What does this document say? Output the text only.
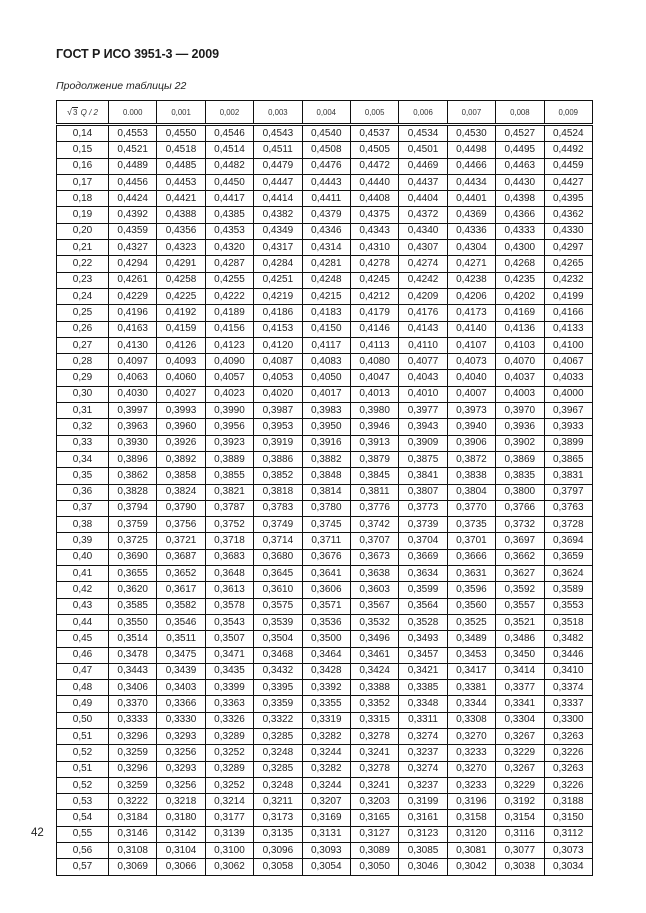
ГОСТ Р ИСО 3951-3 — 2009
Продолжение таблицы 22
√3 Q / 2	0.000	0,001	0,002	0,003	0,004	0,005	0,006	0,007	0,008	0,009
0,14	0,4553	0,4550	0,4546	0,4543	0,4540	0,4537	0,4534	0,4530	0,4527	0,4524
0,15	0,4521	0,4518	0,4514	0,4511	0,4508	0,4505	0,4501	0,4498	0,4495	0,4492
0,16	0,4489	0,4485	0,4482	0,4479	0,4476	0,4472	0,4469	0,4466	0,4463	0,4459
0,17	0,4456	0,4453	0,4450	0,4447	0,4443	0,4440	0,4437	0,4434	0,4430	0,4427
0,18	0,4424	0,4421	0,4417	0,4414	0,4411	0,4408	0,4404	0,4401	0,4398	0,4395
0,19	0,4392	0,4388	0,4385	0,4382	0,4379	0,4375	0,4372	0,4369	0,4366	0,4362
0,20	0,4359	0,4356	0,4353	0,4349	0,4346	0,4343	0,4340	0,4336	0,4333	0,4330
0,21	0,4327	0,4323	0,4320	0,4317	0,4314	0,4310	0,4307	0,4304	0,4300	0,4297
0,22	0,4294	0,4291	0,4287	0,4284	0,4281	0,4278	0,4274	0,4271	0,4268	0,4265
0,23	0,4261	0,4258	0,4255	0,4251	0,4248	0,4245	0,4242	0,4238	0,4235	0,4232
0,24	0,4229	0,4225	0,4222	0,4219	0,4215	0,4212	0,4209	0,4206	0,4202	0,4199
0,25	0,4196	0,4192	0,4189	0,4186	0,4183	0,4179	0,4176	0,4173	0,4169	0,4166
0,26	0,4163	0,4159	0,4156	0,4153	0,4150	0,4146	0,4143	0,4140	0,4136	0,4133
0,27	0,4130	0,4126	0,4123	0,4120	0,4117	0,4113	0,4110	0,4107	0,4103	0,4100
0,28	0,4097	0,4093	0,4090	0,4087	0,4083	0,4080	0,4077	0,4073	0,4070	0,4067
0,29	0,4063	0,4060	0,4057	0,4053	0,4050	0,4047	0,4043	0,4040	0,4037	0,4033
0,30	0,4030	0,4027	0,4023	0,4020	0,4017	0,4013	0,4010	0,4007	0,4003	0,4000
0,31	0,3997	0,3993	0,3990	0,3987	0,3983	0,3980	0,3977	0,3973	0,3970	0,3967
0,32	0,3963	0,3960	0,3956	0,3953	0,3950	0,3946	0,3943	0,3940	0,3936	0,3933
0,33	0,3930	0,3926	0,3923	0,3919	0,3916	0,3913	0,3909	0,3906	0,3902	0,3899
0,34	0,3896	0,3892	0,3889	0,3886	0,3882	0,3879	0,3875	0,3872	0,3869	0,3865
0,35	0,3862	0,3858	0,3855	0,3852	0,3848	0,3845	0,3841	0,3838	0,3835	0,3831
0,36	0,3828	0,3824	0,3821	0,3818	0,3814	0,3811	0,3807	0,3804	0,3800	0,3797
0,37	0,3794	0,3790	0,3787	0,3783	0,3780	0,3776	0,3773	0,3770	0,3766	0,3763
0,38	0,3759	0,3756	0,3752	0,3749	0,3745	0,3742	0,3739	0,3735	0,3732	0,3728
0,39	0,3725	0,3721	0,3718	0,3714	0,3711	0,3707	0,3704	0,3701	0,3697	0,3694
0,40	0,3690	0,3687	0,3683	0,3680	0,3676	0,3673	0,3669	0,3666	0,3662	0,3659
0,41	0,3655	0,3652	0,3648	0,3645	0,3641	0,3638	0,3634	0,3631	0,3627	0,3624
0,42	0,3620	0,3617	0,3613	0,3610	0,3606	0,3603	0,3599	0,3596	0,3592	0,3589
0,43	0,3585	0,3582	0,3578	0,3575	0,3571	0,3567	0,3564	0,3560	0,3557	0,3553
0,44	0,3550	0,3546	0,3543	0,3539	0,3536	0,3532	0,3528	0,3525	0,3521	0,3518
0,45	0,3514	0,3511	0,3507	0,3504	0,3500	0,3496	0,3493	0,3489	0,3486	0,3482
0,46	0,3478	0,3475	0,3471	0,3468	0,3464	0,3461	0,3457	0,3453	0,3450	0,3446
0,47	0,3443	0,3439	0,3435	0,3432	0,3428	0,3424	0,3421	0,3417	0,3414	0,3410
0,48	0,3406	0,3403	0,3399	0,3395	0,3392	0,3388	0,3385	0,3381	0,3377	0,3374
0,49	0,3370	0,3366	0,3363	0,3359	0,3355	0,3352	0,3348	0,3344	0,3341	0,3337
0,50	0,3333	0,3330	0,3326	0,3322	0,3319	0,3315	0,3311	0,3308	0,3304	0,3300
0,51	0,3296	0,3293	0,3289	0,3285	0,3282	0,3278	0,3274	0,3270	0,3267	0,3263
0,52	0,3259	0,3256	0,3252	0,3248	0,3244	0,3241	0,3237	0,3233	0,3229	0,3226
0,51	0,3296	0,3293	0,3289	0,3285	0,3282	0,3278	0,3274	0,3270	0,3267	0,3263
0,52	0,3259	0,3256	0,3252	0,3248	0,3244	0,3241	0,3237	0,3233	0,3229	0,3226
0,53	0,3222	0,3218	0,3214	0,3211	0,3207	0,3203	0,3199	0,3196	0,3192	0,3188
0,54	0,3184	0,3180	0,3177	0,3173	0,3169	0,3165	0,3161	0,3158	0,3154	0,3150
0,55	0,3146	0,3142	0,3139	0,3135	0,3131	0,3127	0,3123	0,3120	0,3116	0,3112
0,56	0,3108	0,3104	0,3100	0,3096	0,3093	0,3089	0,3085	0,3081	0,3077	0,3073
0,57	0,3069	0,3066	0,3062	0,3058	0,3054	0,3050	0,3046	0,3042	0,3038	0,3034
42
